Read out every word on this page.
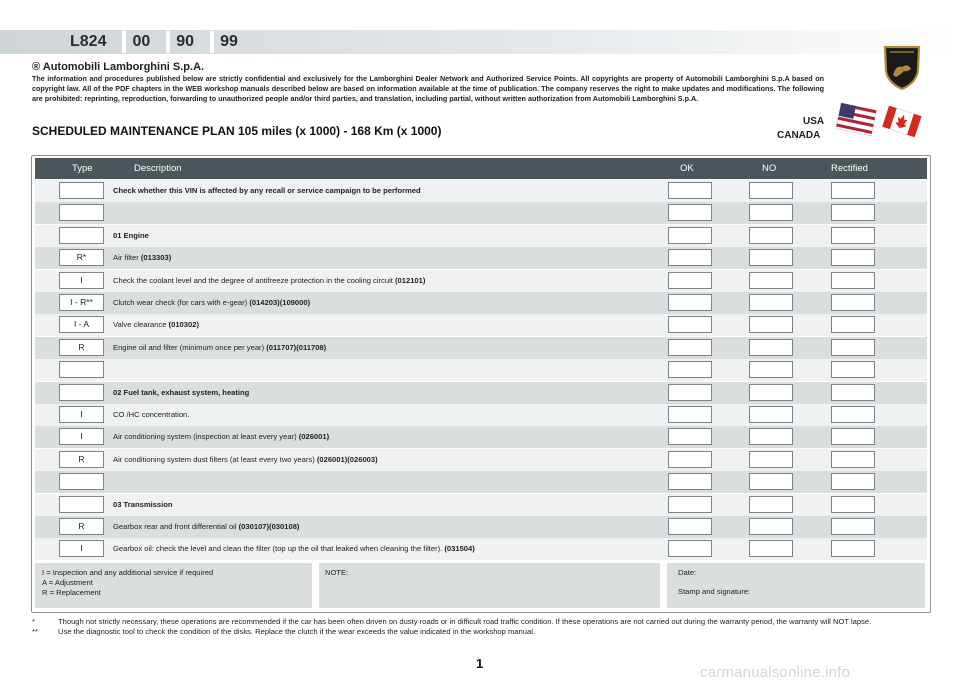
L824	00	90	99
® Automobili Lamborghini S.p.A.
The information and procedures published below are strictly confidential and exclusively for the Lamborghini Dealer Network and Authorized Service Points. All copyrights are property of Automobili Lamborghini S.p.A based on copyright law. All of the PDF chapters in the WEB workshop manuals described below are based on information available at the time of publication. The company reserves the right to make updates and modifications. The following are prohibited: reprinting, reproduction, forwarding to unauthorized people and/or third parties, and translation, including partial, without written authorization from Automobili Lamborghini S.p.A.
USA
CANADA
SCHEDULED MAINTENANCE PLAN 105 miles (x 1000) - 168 Km (x 1000)
Type	Description	OK	NO	Rectified
Check whether this VIN is affected by any recall or service campaign to be performed
01 Engine
R*	Air filter (013303)
I	Check the coolant level and the degree of antifreeze protection in the cooling circuit (012101)
I - R**	Clutch wear check (for cars with e-gear) (014203)(109000)
I - A	Valve clearance (010302)
R	Engine oil and filter (minimum once per year) (011707)(011708)
02 Fuel tank, exhaust system, heating
I	CO /HC concentration.
I	Air conditioning system (inspection at least every year) (026001)
R	Air conditioning system dust filters (at least every two years) (026001)(026003)
03 Transmission
R	Gearbox rear and front differential oil (030107)(030108)
I	Gearbox oil: check the level and clean the filter (top up the oil that leaked when cleaning the filter). (031504)
I = Inspection and any additional service if required
A = Adjustment
R = Replacement
NOTE:	Date:
Stamp and signature:
*	Though not strictly necessary, these operations are recommended if the car has been often driven on dusty roads or in difficult road traffic condition. If these operations are not carried out during the warranty period, the warranty will NOT lapse.
**	Use the diagnostic tool to check the condition of the disks. Replace the clutch if the wear exceeds the value indicated in the workshop manual.
1
carmanualsonline.info
